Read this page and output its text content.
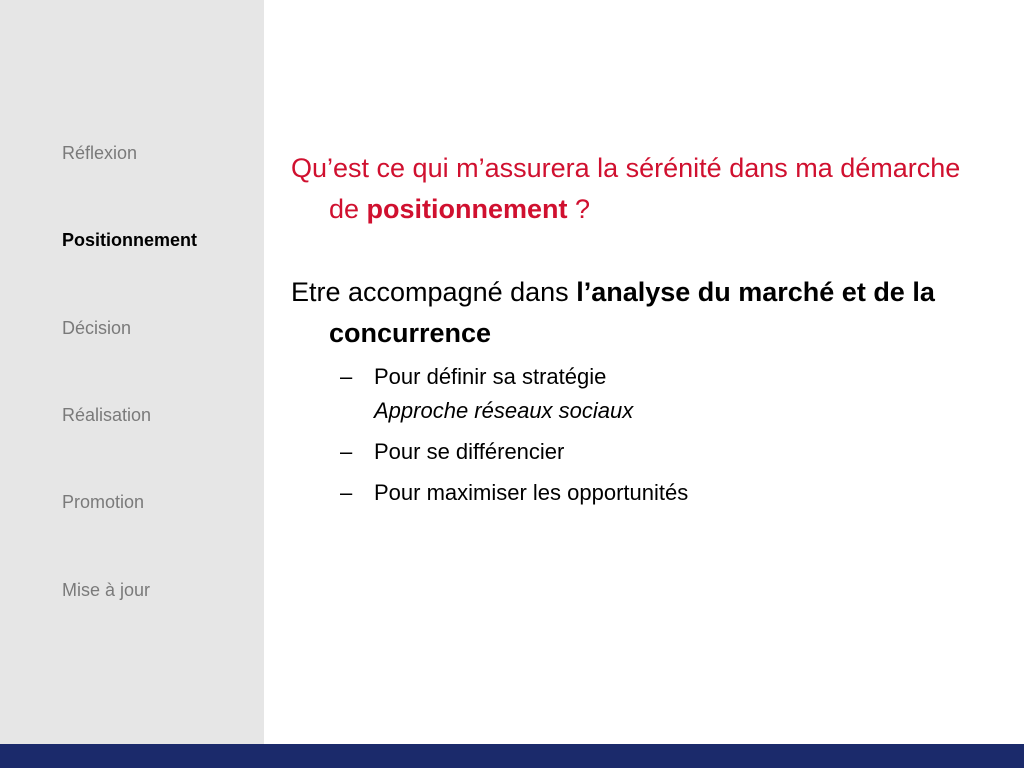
Réflexion
Positionnement
Décision
Réalisation
Promotion
Mise à jour

Qu’est ce qui m’assurera la sérénité dans ma démarche de positionnement ?

Etre accompagné dans l’analyse du marché et de la concurrence

– Pour définir sa stratégie
Approche réseaux sociaux
– Pour se différencier
– Pour maximiser les opportunités
